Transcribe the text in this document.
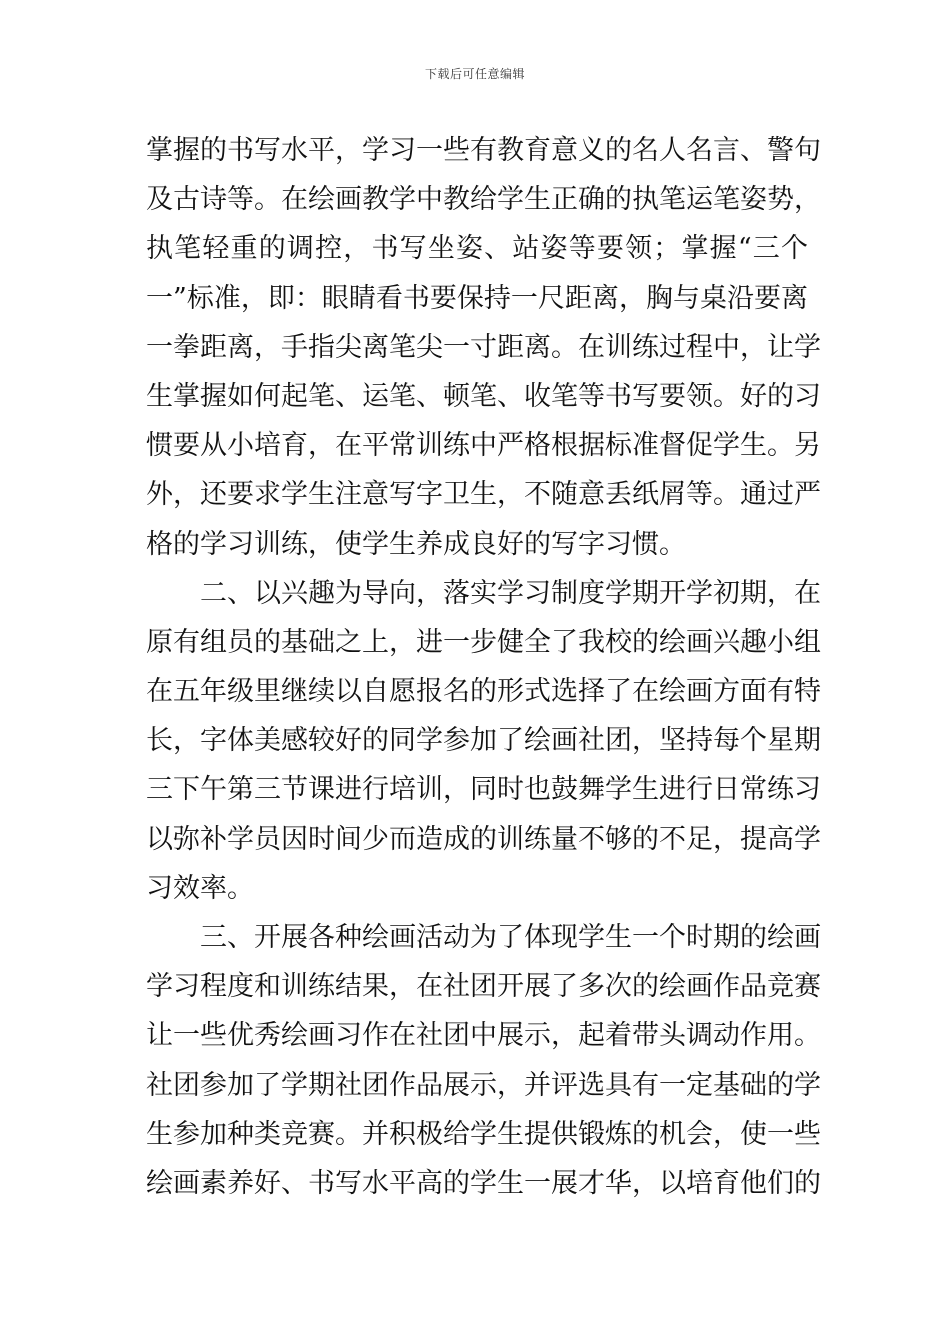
下载后可任意编辑
掌握的书写水平，学习一些有教育意义的名人名言、警句
及古诗等。在绘画教学中教给学生正确的执笔运笔姿势，
执笔轻重的调控，书写坐姿、站姿等要领；掌握“三个
一”标准，即：眼睛看书要保持一尺距离，胸与桌沿要离
一拳距离，手指尖离笔尖一寸距离。在训练过程中，让学
生掌握如何起笔、运笔、顿笔、收笔等书写要领。好的习
惯要从小培育，在平常训练中严格根据标准督促学生。另
外，还要求学生注意写字卫生，不随意丢纸屑等。通过严
格的学习训练，使学生养成良好的写字习惯。
　　二、以兴趣为导向，落实学习制度学期开学初期，在
原有组员的基础之上，进一步健全了我校的绘画兴趣小组
在五年级里继续以自愿报名的形式选择了在绘画方面有特
长，字体美感较好的同学参加了绘画社团，坚持每个星期
三下午第三节课进行培训，同时也鼓舞学生进行日常练习
以弥补学员因时间少而造成的训练量不够的不足，提高学
习效率。
　　三、开展各种绘画活动为了体现学生一个时期的绘画
学习程度和训练结果，在社团开展了多次的绘画作品竞赛
让一些优秀绘画习作在社团中展示，起着带头调动作用。
社团参加了学期社团作品展示，并评选具有一定基础的学
生参加种类竞赛。并积极给学生提供锻炼的机会，使一些
绘画素养好、书写水平高的学生一展才华，以培育他们的
